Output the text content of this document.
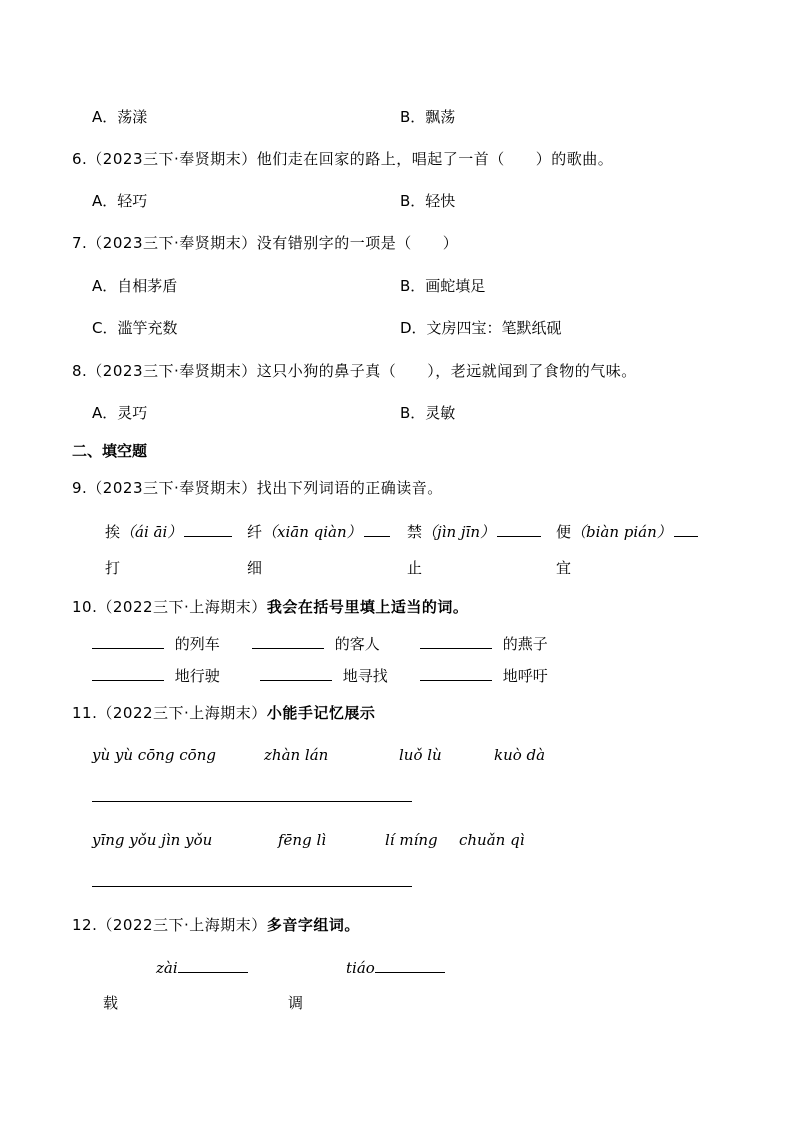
A．荡漾	B．飘荡
6.（2023三下·奉贤期末）他们走在回家的路上，唱起了一首（　　）的歌曲。
A．轻巧	B．轻快
7.（2023三下·奉贤期末）没有错别字的一项是（　　）
A．自相茅盾	B．画蛇填足
C．滥竽充数	D．文房四宝：笔默纸砚
8.（2023三下·奉贤期末）这只小狗的鼻子真（　　），老远就闻到了食物的气味。
A．灵巧	B．灵敏
二、填空题
9.（2023三下·奉贤期末）找出下列词语的正确读音。
挨（ái āi）	纤（xiān qiàn）	禁（jìn jīn）	便（biàn pián）
打	细	止	宜
10.（2022三下·上海期末）我会在括号里填上适当的词。
的列车	的客人	的燕子
地行驶	地寻找	地呼吁
11.（2022三下·上海期末）小能手记忆展示
yù yù cōng cōng	zhàn lán	luǒ lù	kuò dà
yīng yǒu jìn yǒu	fēng lì	lí míng chuǎn qì
12.（2022三下·上海期末）多音字组词。
zài	tiáo
载	调
